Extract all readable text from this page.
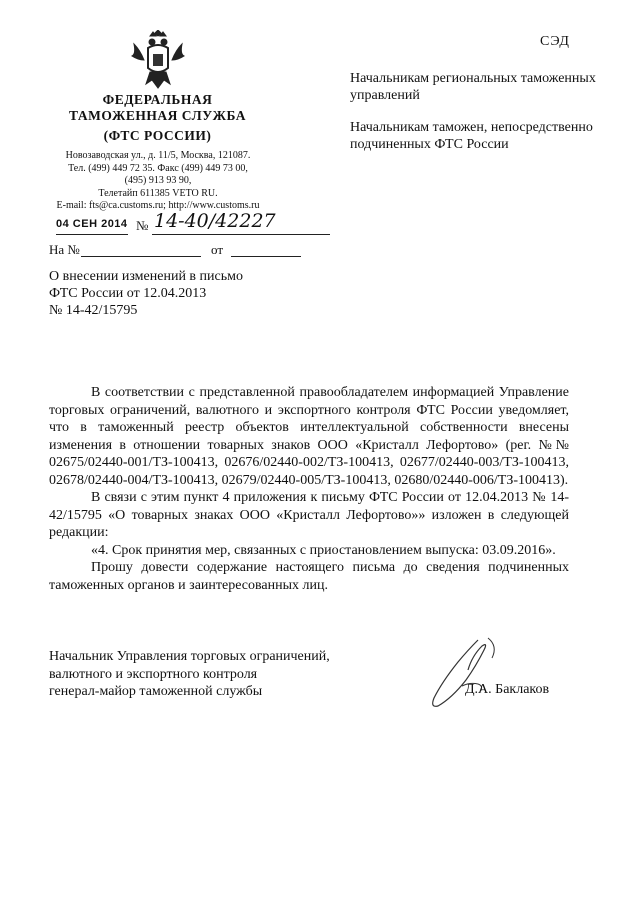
СЭД
ФЕДЕРАЛЬНАЯ
ТАМОЖЕННАЯ СЛУЖБА
(ФТС РОССИИ)
Новозаводская ул., д. 11/5, Москва, 121087.
Тел. (499) 449 72 35. Факс (499) 449 73 00,
(495) 913 93 90,
Телетайп 611385 VETO RU.
E-mail: fts@ca.customs.ru; http://www.customs.ru
04 СЕН 2014 № 14-40/42227
На №	от
О внесении изменений в письмо
ФТС России от 12.04.2013
№ 14-42/15795

Начальникам региональных таможенных управлений

Начальникам таможен, непосредственно подчиненных ФТС России

В соответствии с представленной правообладателем информацией Управление торговых ограничений, валютного и экспортного контроля ФТС России уведомляет, что в таможенный реестр объектов интеллектуальной собственности внесены изменения в отношении товарных знаков ООО «Кристалл Лефортово» (рег. №№ 02675/02440-001/ТЗ-100413, 02676/02440-002/ТЗ-100413, 02677/02440-003/ТЗ-100413, 02678/02440-004/ТЗ-100413, 02679/02440-005/ТЗ-100413, 02680/02440-006/ТЗ-100413).

В связи с этим пункт 4 приложения к письму ФТС России от 12.04.2013 № 14-42/15795 «О товарных знаках ООО «Кристалл Лефортово»» изложен в следующей редакции:

«4. Срок принятия мер, связанных с приостановлением выпуска: 03.09.2016».

Прошу довести содержание настоящего письма до сведения подчиненных таможенных органов и заинтересованных лиц.

Начальник Управления торговых ограничений,
валютного и экспортного контроля
генерал-майор таможенной службы	Д.А. Баклаков
